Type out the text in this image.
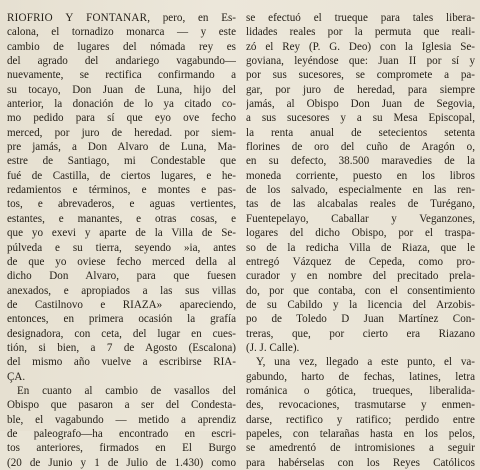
RIOFRIO Y FONTANAR, pero, en Es-
calona, el tornadizo monarca — y este
cambio de lugares del nómada rey es
del agrado del andariego vagabundo—
nuevamente, se rectifica confirmando a
su tocayo, Don Juan de Luna, hijo del
anterior, la donación de lo ya citado co-
mo pedido para sí que eyo ove fecho
merced, por juro de heredad. por siem-
pre jamás, a Don Alvaro de Luna, Ma-
estre de Santiago, mi Condestable que
fué de Castilla, de ciertos lugares, e he-
redamientos e términos, e montes e pas-
tos, e abrevaderos, e aguas vertientes,
estantes, e manantes, e otras cosas, e
que yo exevi y aparte de la Villa de Se-
púlveda e su tierra, seyendo »ia, antes
de que yo oviese fecho merced della al
dicho Don Alvaro, para que fuesen
anexados, e apropiados a las sus villas
de Castilnovo e RIAZA» apareciendo,
entonces, en primera ocasión la grafía
designadora, con ceta, del lugar en cues-
tión, si bien, a 7 de Agosto (Escalona)
del mismo año vuelve a escribirse RIA-
ÇA.
En cuanto al cambio de vasallos del
Obispo que pasaron a ser del Condesta-
ble, el vagabundo — metido a aprendiz
de paleografo—ha encontrado en escri-
tos anteriores, firmados en El Burgo
(20 de Junio y 1 de Julio de 1.430) como
se efectuó el trueque para tales libera-
lidades reales por la permuta que reali-
zó el Rey (P. G. Deo) con la Iglesia Se-
goviana, leyéndose que: Juan II por sí y
por sus sucesores, se compromete a pa-
gar, por juro de heredad, para siempre
jamás, al Obispo Don Juan de Segovia,
a sus sucesores y a su Mesa Episcopal,
la renta anual de setecientos setenta
florines de oro del cuño de Aragón o,
en su defecto, 38.500 maravedies de la
moneda corriente, puesto en los libros
de los salvado, especialmente en las ren-
tas de las alcabalas reales de Turégano,
Fuentepelayo, Caballar y Veganzones,
logares del dicho Obispo, por el traspa-
so de la redicha Villa de Riaza, que le
entregó Vázquez de Cepeda, como pro-
curador y en nombre del precitado prela-
do, por que contaba, con el consentimiento
de su Cabildo y la licencia del Arzobis-
po de Toledo D Juan Martínez Con-
treras, que, por cierto era Riazano
(J. J. Calle).
Y, una vez, llegado a este punto, el va-
gabundo, harto de fechas, latines, letra
románica o gótica, trueques, liberalida-
des, revocaciones, trasmutarse y enmen-
darse, rectifico y ratifico; perdido entre
papeles, con telarañas hasta en los pelos,
se amedrentó de intromisiones a seguir
para habérselas con los Reyes Católicos
